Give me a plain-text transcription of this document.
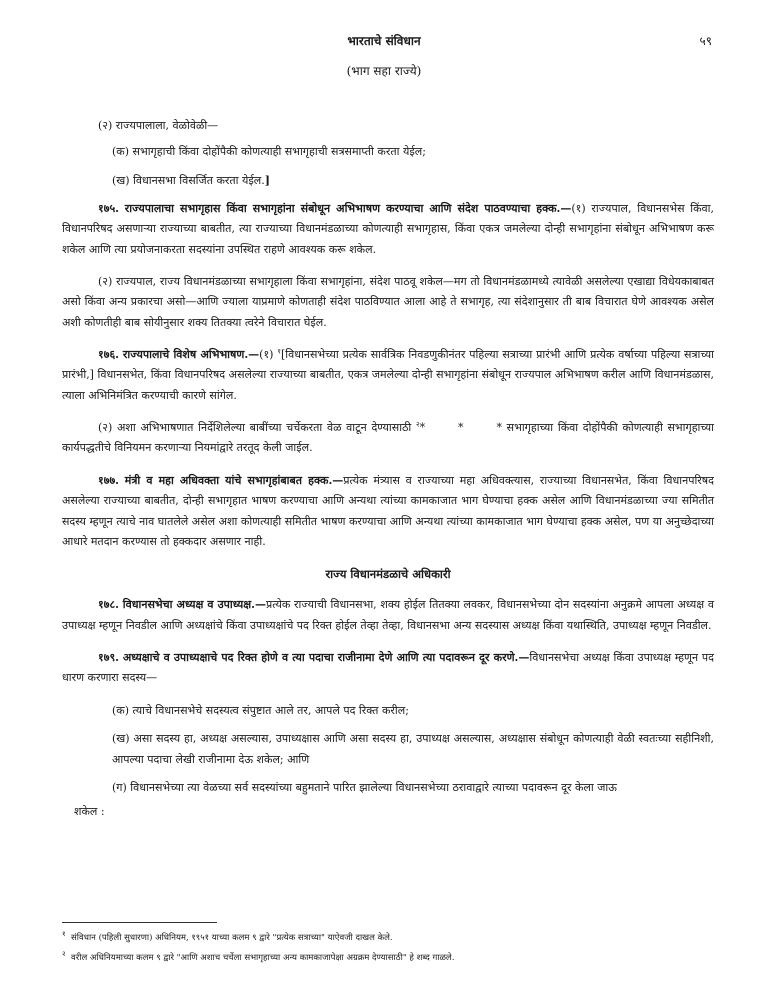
भारताचे संविधान	५९
(भाग सहा राज्ये)

(२) राज्यपालाला, वेळोवेळी—

(क) सभागृहाची किंवा दोहोंपैकी कोणत्याही सभागृहाची सत्रसमाप्ती करता येईल;

(ख) विधानसभा विसर्जित करता येईल.]

१७५. राज्यपालाचा सभागृहास किंवा सभागृहांना संबोधून अभिभाषण करण्याचा आणि संदेश पाठवण्याचा हक्क.—(१) राज्यपाल, विधानसभेस किंवा, विधानपरिषद असणाऱ्या राज्याच्या बाबतीत, त्या राज्याच्या विधानमंडळाच्या कोणत्याही सभागृहास, किंवा एकत्र जमलेल्या दोन्ही सभागृहांना संबोधून अभिभाषण करू शकेल आणि त्या प्रयोजनाकरता सदस्यांना उपस्थित राहणे आवश्यक करू शकेल.

(२) राज्यपाल, राज्य विधानमंडळाच्या सभागृहाला किंवा सभागृहांना, संदेश पाठवू शकेल—मग तो विधानमंडळामध्ये त्यावेळी असलेल्या एखाद्या विधेयकाबाबत असो किंवा अन्य प्रकारचा असो—आणि ज्याला याप्रमाणे कोणताही संदेश पाठविण्यात आला आहे ते सभागृह, त्या संदेशानुसार ती बाब विचारात घेणे आवश्यक असेल अशी कोणतीही बाब सोयीनुसार शक्य तितक्या त्वरेने विचारात घेईल.

१७६. राज्यपालाचे विशेष अभिभाषण.—(१) $^१$[विधानसभेच्या प्रत्येक सार्वत्रिक निवडणुकीनंतर पहिल्या सत्राच्या प्रारंभी आणि प्रत्येक वर्षाच्या पहिल्या सत्राच्या प्रारंभी,] विधानसभेत, किंवा विधानपरिषद असलेल्या राज्याच्या बाबतीत, एकत्र जमलेल्या दोन्ही सभागृहांना संबोधून राज्यपाल अभिभाषण करील आणि विधानमंडळास, त्याला अभिनिमंत्रित करण्याची कारणे सांगेल.

(२) अशा अभिभाषणात निर्देशिलेल्या बाबींच्या चर्चेकरता वेळ वाटून देण्यासाठी $^२$*       *       * सभागृहाच्या किंवा दोहोंपैकी कोणत्याही सभागृहाच्या कार्यपद्धतीचे विनियमन करणाऱ्या नियमांद्वारे तरतूद केली जाईल.

१७७. मंत्री व महा अधिवक्ता यांचे सभागृहांबाबत हक्क.—प्रत्येक मंत्र्यास व राज्याच्या महा अधिवक्त्यास, राज्याच्या विधानसभेत, किंवा विधानपरिषद असलेल्या राज्याच्या बाबतीत, दोन्ही सभागृहात भाषण करण्याचा आणि अन्यथा त्यांच्या कामकाजात भाग घेण्याचा हक्क असेल आणि विधानमंडळाच्या ज्या समितीत सदस्य म्हणून त्याचे नाव घातलेले असेल अशा कोणत्याही समितीत भाषण करण्याचा आणि अन्यथा त्यांच्या कामकाजात भाग घेण्याचा हक्क असेल, पण या अनुच्छेदाच्या आधारे मतदान करण्यास तो हक्कदार असणार नाही.

राज्य विधानमंडळाचे अधिकारी

१७८. विधानसभेचा अध्यक्ष व उपाध्यक्ष.—प्रत्येक राज्याची विधानसभा, शक्य होईल तितक्या लवकर, विधानसभेच्या दोन सदस्यांना अनुक्रमे आपला अध्यक्ष व उपाध्यक्ष म्हणून निवडील आणि अध्यक्षांचे किंवा उपाध्यक्षांचे पद रिक्त होईल तेव्हा तेव्हा, विधानसभा अन्य सदस्यास अध्यक्ष किंवा यथास्थिति, उपाध्यक्ष म्हणून निवडील.

१७९. अध्यक्षाचे व उपाध्यक्षाचे पद रिक्त होणे व त्या पदाचा राजीनामा देणे आणि त्या पदावरून दूर करणे.—विधानसभेचा अध्यक्ष किंवा उपाध्यक्ष म्हणून पद धारण करणारा सदस्य—

(क) त्याचे विधानसभेचे सदस्यत्व संपुष्टात आले तर, आपले पद रिक्त करील;

(ख) असा सदस्य हा, अध्यक्ष असल्यास, उपाध्यक्षास आणि असा सदस्य हा, उपाध्यक्ष असल्यास, अध्यक्षास संबोधून कोणत्याही वेळी स्वतःच्या सहीनिशी, आपल्या पदाचा लेखी राजीनामा देऊ शकेल; आणि

(ग) विधानसभेच्या त्या वेळच्या सर्व सदस्यांच्या बहुमताने पारित झालेल्या विधानसभेच्या ठरावाद्वारे त्याच्या पदावरून दूर केला जाऊ

शकेल :

$^१$ संविधान (पहिली सुधारणा) अधिनियम, १९५१ याच्या कलम ९ द्वारे "प्रत्येक सत्राच्या" याऐवजी दाखल केले.
$^२$ वरील अधिनियमाच्या कलम ९ द्वारे "आणि अशाच चर्चेला सभागृहाच्या अन्य कामकाजापेक्षा अग्रक्रम देण्यासाठी" हे शब्द गाळले.
